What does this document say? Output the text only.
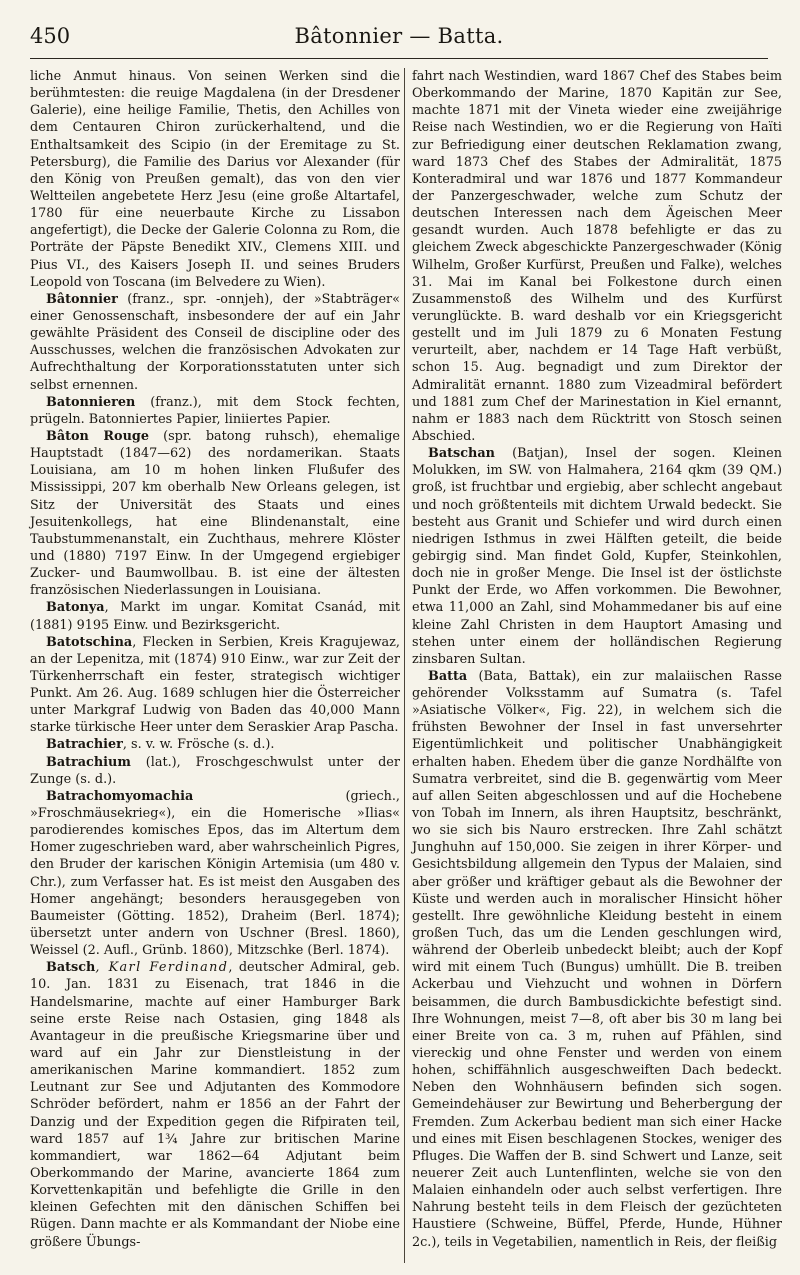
450	Bâtonnier — Batta.

liche Anmut hinaus. Von seinen Werken sind die berühmtesten: die reuige Magdalena (in der Dresdener Galerie), eine heilige Familie, Thetis, den Achilles von dem Centauren Chiron zurückerhaltend, und die Enthaltsamkeit des Scipio (in der Eremitage zu St. Petersburg), die Familie des Darius vor Alexander (für den König von Preußen gemalt), das von den vier Weltteilen angebetete Herz Jesu (eine große Altartafel, 1780 für eine neuerbaute Kirche zu Lissabon angefertigt), die Decke der Galerie Colonna zu Rom, die Porträte der Päpste Benedikt XIV., Clemens XIII. und Pius VI., des Kaisers Joseph II. und seines Bruders Leopold von Toscana (im Belvedere zu Wien).

Bâtonnier (franz., spr. -onnjeh), der »Stabträger« einer Genossenschaft, insbesondere der auf ein Jahr gewählte Präsident des Conseil de discipline oder des Ausschusses, welchen die französischen Advokaten zur Aufrechthaltung der Korporationsstatuten unter sich selbst ernennen.

Batonnieren (franz.), mit dem Stock fechten, prügeln. Batonniertes Papier, liniiertes Papier.

Bâton Rouge (spr. batong ruhsch), ehemalige Hauptstadt (1847—62) des nordamerikan. Staats Louisiana, am 10 m hohen linken Flußufer des Mississippi, 207 km oberhalb New Orleans gelegen, ist Sitz der Universität des Staats und eines Jesuitenkollegs, hat eine Blindenanstalt, eine Taubstummenanstalt, ein Zuchthaus, mehrere Klöster und (1880) 7197 Einw. In der Umgegend ergiebiger Zucker- und Baumwollbau. B. ist eine der ältesten französischen Niederlassungen in Louisiana.

Batonya, Markt im ungar. Komitat Csanád, mit (1881) 9195 Einw. und Bezirksgericht.

Batotschina, Flecken in Serbien, Kreis Kragujewaz, an der Lepenitza, mit (1874) 910 Einw., war zur Zeit der Türkenherrschaft ein fester, strategisch wichtiger Punkt. Am 26. Aug. 1689 schlugen hier die Österreicher unter Markgraf Ludwig von Baden das 40,000 Mann starke türkische Heer unter dem Seraskier Arap Pascha.

Batrachier, s. v. w. Frösche (s. d.).

Batrachium (lat.), Froschgeschwulst unter der Zunge (s. d.).

Batrachomyomachia (griech., »Froschmäusekrieg«), ein die Homerische »Ilias« parodierendes komisches Epos, das im Altertum dem Homer zugeschrieben ward, aber wahrscheinlich Pigres, den Bruder der karischen Königin Artemisia (um 480 v. Chr.), zum Verfasser hat. Es ist meist den Ausgaben des Homer angehängt; besonders herausgegeben von Baumeister (Götting. 1852), Draheim (Berl. 1874); übersetzt unter andern von Uschner (Bresl. 1860), Weissel (2. Aufl., Grünb. 1860), Mitzschke (Berl. 1874).

Batsch, Karl Ferdinand, deutscher Admiral, geb. 10. Jan. 1831 zu Eisenach, trat 1846 in die Handelsmarine, machte auf einer Hamburger Bark seine erste Reise nach Ostasien, ging 1848 als Avantageur in die preußische Kriegsmarine über und ward auf ein Jahr zur Dienstleistung in der amerikanischen Marine kommandiert. 1852 zum Leutnant zur See und Adjutanten des Kommodore Schröder befördert, nahm er 1856 an der Fahrt der Danzig und der Expedition gegen die Rifpiraten teil, ward 1857 auf 1¾ Jahre zur britischen Marine kommandiert, war 1862—64 Adjutant beim Oberkommando der Marine, avancierte 1864 zum Korvettenkapitän und befehligte die Grille in den kleinen Gefechten mit den dänischen Schiffen bei Rügen. Dann machte er als Kommandant der Niobe eine größere Übungs-

fahrt nach Westindien, ward 1867 Chef des Stabes beim Oberkommando der Marine, 1870 Kapitän zur See, machte 1871 mit der Vineta wieder eine zweijährige Reise nach Westindien, wo er die Regierung von Haïti zur Befriedigung einer deutschen Reklamation zwang, ward 1873 Chef des Stabes der Admiralität, 1875 Konteradmiral und war 1876 und 1877 Kommandeur der Panzergeschwader, welche zum Schutz der deutschen Interessen nach dem Ägeischen Meer gesandt wurden. Auch 1878 befehligte er das zu gleichem Zweck abgeschickte Panzergeschwader (König Wilhelm, Großer Kurfürst, Preußen und Falke), welches 31. Mai im Kanal bei Folkestone durch einen Zusammenstoß des Wilhelm und des Kurfürst verunglückte. B. ward deshalb vor ein Kriegsgericht gestellt und im Juli 1879 zu 6 Monaten Festung verurteilt, aber, nachdem er 14 Tage Haft verbüßt, schon 15. Aug. begnadigt und zum Direktor der Admiralität ernannt. 1880 zum Vizeadmiral befördert und 1881 zum Chef der Marinestation in Kiel ernannt, nahm er 1883 nach dem Rücktritt von Stosch seinen Abschied.

Batschan (Batjan), Insel der sogen. Kleinen Molukken, im SW. von Halmahera, 2164 qkm (39 QM.) groß, ist fruchtbar und ergiebig, aber schlecht angebaut und noch größtenteils mit dichtem Urwald bedeckt. Sie besteht aus Granit und Schiefer und wird durch einen niedrigen Isthmus in zwei Hälften geteilt, die beide gebirgig sind. Man findet Gold, Kupfer, Steinkohlen, doch nie in großer Menge. Die Insel ist der östlichste Punkt der Erde, wo Affen vorkommen. Die Bewohner, etwa 11,000 an Zahl, sind Mohammedaner bis auf eine kleine Zahl Christen in dem Hauptort Amasing und stehen unter einem der holländischen Regierung zinsbaren Sultan.

Batta (Bata, Battak), ein zur malaiischen Rasse gehörender Volksstamm auf Sumatra (s. Tafel »Asiatische Völker«, Fig. 22), in welchem sich die frühsten Bewohner der Insel in fast unversehrter Eigentümlichkeit und politischer Unabhängigkeit erhalten haben. Ehedem über die ganze Nordhälfte von Sumatra verbreitet, sind die B. gegenwärtig vom Meer auf allen Seiten abgeschlossen und auf die Hochebene von Tobah im Innern, als ihren Hauptsitz, beschränkt, wo sie sich bis Nauro erstrecken. Ihre Zahl schätzt Junghuhn auf 150,000. Sie zeigen in ihrer Körper- und Gesichtsbildung allgemein den Typus der Malaien, sind aber größer und kräftiger gebaut als die Bewohner der Küste und werden auch in moralischer Hinsicht höher gestellt. Ihre gewöhnliche Kleidung besteht in einem großen Tuch, das um die Lenden geschlungen wird, während der Oberleib unbedeckt bleibt; auch der Kopf wird mit einem Tuch (Bungus) umhüllt. Die B. treiben Ackerbau und Viehzucht und wohnen in Dörfern beisammen, die durch Bambusdickichte befestigt sind. Ihre Wohnungen, meist 7—8, oft aber bis 30 m lang bei einer Breite von ca. 3 m, ruhen auf Pfählen, sind viereckig und ohne Fenster und werden von einem hohen, schiffähnlich ausgeschweiften Dach bedeckt. Neben den Wohnhäusern befinden sich sogen. Gemeindehäuser zur Bewirtung und Beherbergung der Fremden. Zum Ackerbau bedient man sich einer Hacke und eines mit Eisen beschlagenen Stockes, weniger des Pfluges. Die Waffen der B. sind Schwert und Lanze, seit neuerer Zeit auch Luntenflinten, welche sie von den Malaien einhandeln oder auch selbst verfertigen. Ihre Nahrung besteht teils in dem Fleisch der gezüchteten Haustiere (Schweine, Büffel, Pferde, Hunde, Hühner 2c.), teils in Vegetabilien, namentlich in Reis, der fleißig
